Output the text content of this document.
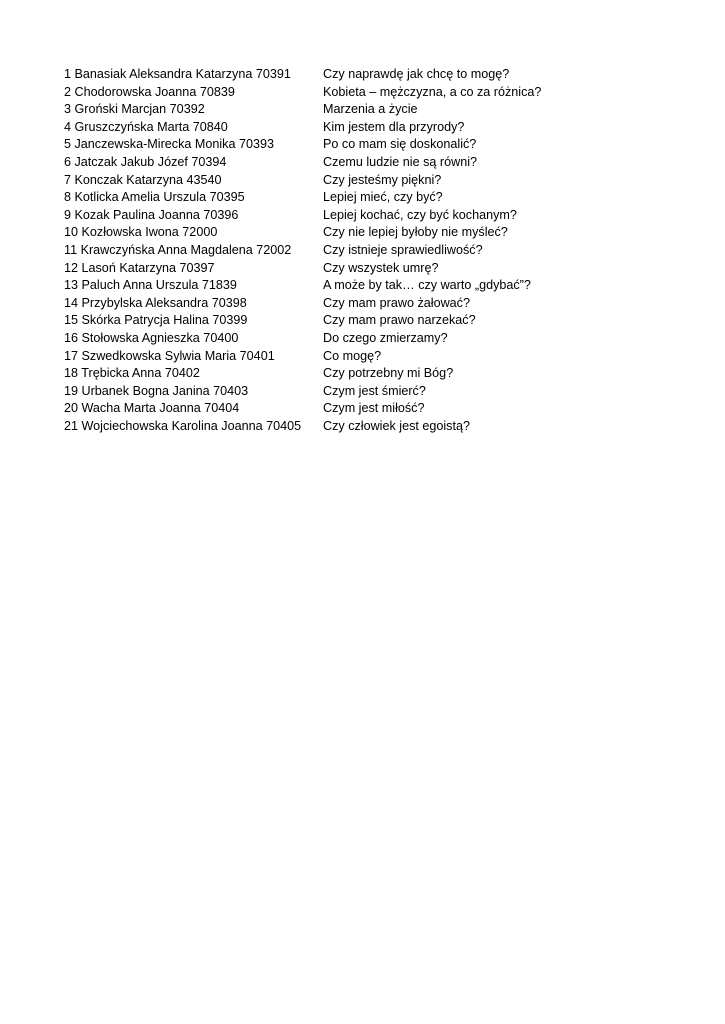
1 Banasiak Aleksandra Katarzyna 70391	Czy naprawdę jak chcę to mogę?
2 Chodorowska Joanna 70839	Kobieta – mężczyzna, a co za różnica?
3 Groński Marcjan 70392	Marzenia a życie
4 Gruszczyńska Marta 70840	Kim jestem dla przyrody?
5 Janczewska-Mirecka Monika 70393	Po co mam się doskonalić?
6 Jatczak Jakub Józef 70394	Czemu ludzie nie są równi?
7 Konczak Katarzyna 43540	Czy jesteśmy piękni?
8 Kotlicka Amelia Urszula 70395	Lepiej mieć, czy być?
9 Kozak Paulina Joanna 70396	Lepiej kochać, czy być kochanym?
10 Kozłowska Iwona 72000	Czy nie lepiej byłoby nie myśleć?
11 Krawczyńska Anna Magdalena 72002	Czy istnieje sprawiedliwość?
12 Lasoń Katarzyna 70397	Czy wszystek umrę?
13 Paluch Anna Urszula 71839	A może by tak… czy warto „gdybać”?
14 Przybylska Aleksandra 70398	Czy mam prawo żałować?
15 Skórka Patrycja Halina 70399	Czy mam prawo narzekać?
16 Stołowska Agnieszka 70400	Do czego zmierzamy?
17 Szwedkowska Sylwia Maria 70401	Co mogę?
18 Trębicka Anna 70402	Czy potrzebny mi Bóg?
19 Urbanek Bogna Janina 70403	Czym jest śmierć?
20 Wacha Marta Joanna 70404	Czym jest miłość?
21 Wojciechowska Karolina Joanna 70405	Czy człowiek jest egoistą?
